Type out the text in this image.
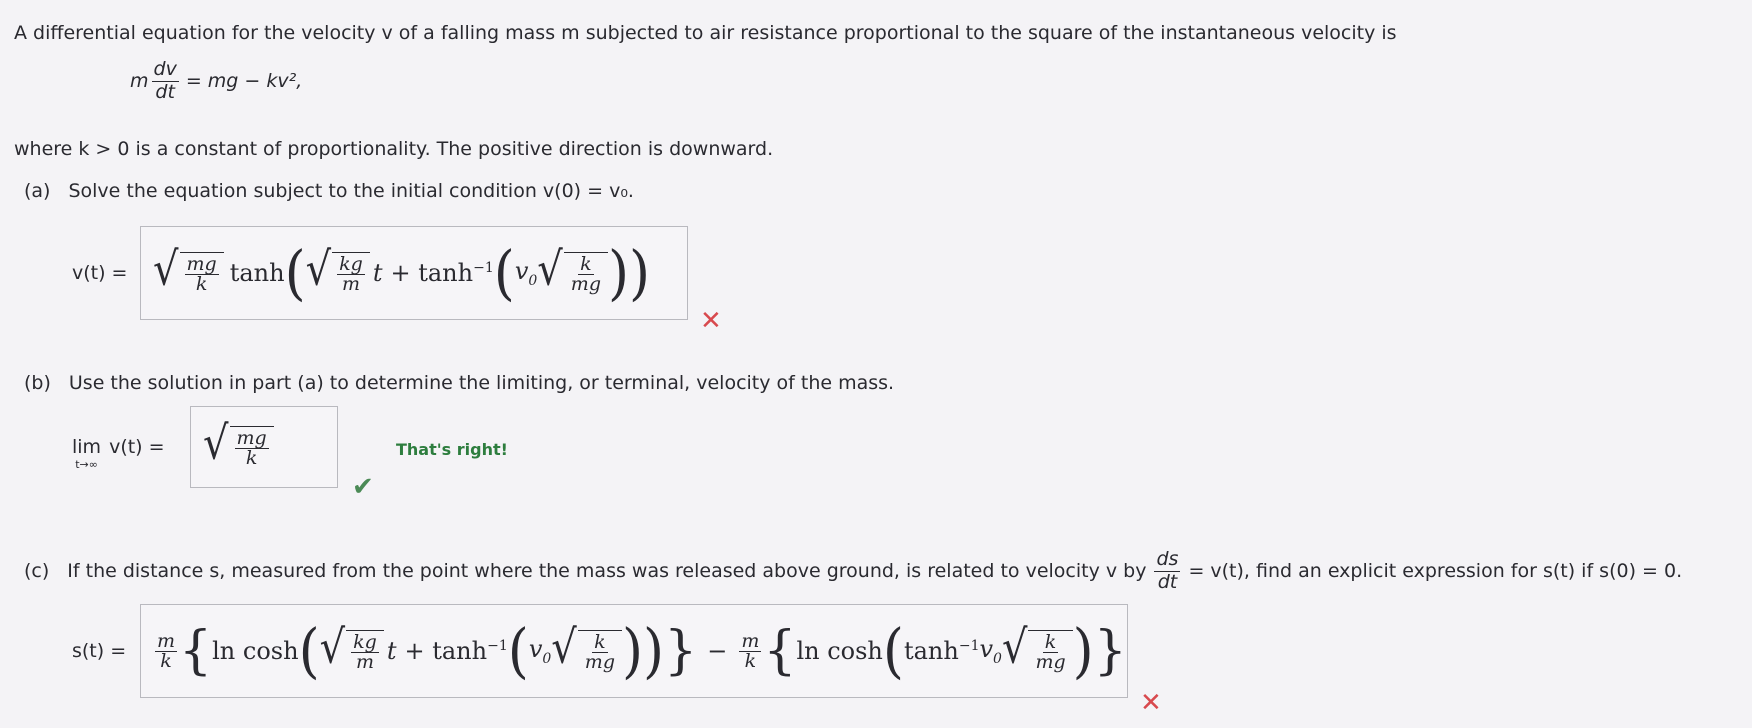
A differential equation for the velocity v of a falling mass m subjected to air resistance proportional to the square of the instantaneous velocity is
m $\frac{dv}{dt}$ = mg − kv²,
where k > 0 is a constant of proportionality. The positive direction is downward.
(a) Solve the equation subject to the initial condition v(0) = v₀.
v(t) = √ $\frac{mg}{k}$ tanh ( √ $\frac{kg}{m}$ $t + \tanh^{-1}$ ( $v_0$ √ $\frac{k}{mg}$ ))
✕
(b) Use the solution in part (a) to determine the limiting, or terminal, velocity of the mass.
lim
t→∞
v(t) = √ $\frac{mg}{k}$	That's right!
✔
(c) If the distance s, measured from the point where the mass was released above ground, is related to velocity v by $\frac{ds}{dt} = v(t)$, find an explicit expression for s(t) if s(0) = 0.
$s(t) = \frac{m}{k}$ { ln cosh ( √ $\frac{kg}{m}$ $t + \tanh^{-1}$ ( $v_0$ √ $\frac{k}{mg}$ )) } − $\frac{m}{k}$ { ln cosh ( $\tanh^{-1} v_0$ √ $\frac{k}{mg}$ ) }
✕
